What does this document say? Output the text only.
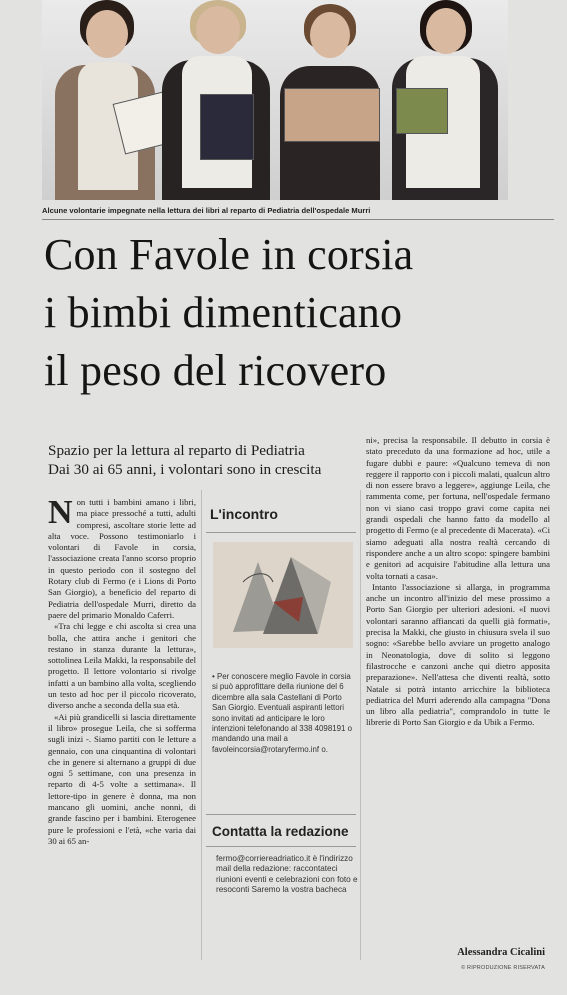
Alcune volontarie impegnate nella lettura dei libri al reparto di Pediatria dell'ospedale Murri
Con Favole in corsia
i bimbi dimenticano
il peso del ricovero
Spazio per la lettura al reparto di Pediatria
Dai 30 ai 65 anni, i volontari sono in crescita
N on tutti i bambini amano i libri, ma piace pressoché a tutti, adulti compresi, ascoltare storie lette ad alta voce. Possono testimoniarlo i volontari di Favole in corsia, l'associazione creata l'anno scorso proprio in questo periodo con il sostegno del Rotary club di Fermo (e i Lions di Porto San Giorgio), a beneficio del reparto di Pediatria dell'ospedale Murri, diretto da paere del primario Monaldo Caferri.

«Tra chi legge e chi ascolta si crea una bolla, che attira anche i genitori che restano in stanza durante la lettura», sottolinea Leila Makki, la responsabile del progetto. Il lettore volontario si rivolge infatti a un bambino alla volta, scegliendo un testo ad hoc per il piccolo ricoverato, diverso anche a seconda della sua età.

«Ai più grandicelli si lascia direttamente il libro» prosegue Leila, che si sofferma sugli inizi -. Siamo partiti con le letture a gennaio, con una cinquantina di volontari che in genere si alternano a gruppi di due ogni 5 settimane, con una presenza in reparto di 4-5 volte a settimana». Il lettore-tipo in genere è donna, ma non mancano gli uomini, anche nonni, di grande fascino per i bambini. Eterogenee pure le professioni e l'età, «che varia dai 30 ai 65 an-

L'incontro
• Per conoscere meglio Favole in corsia si può approfittare della riunione del 6 dicembre alla sala Castellani di Porto San Giorgio. Eventuali aspiranti lettori sono invitati ad anticipare le loro intenzioni telefonando al 338 4098191 o mandando una mail a favoleincorsia@rotaryfermo.inf o.
Contatta la redazione
fermo@corriereadriatico.it è l'indirizzo mail della redazione: raccontateci riunioni eventi e celebrazioni con foto e resoconti Saremo la vostra bacheca

ni», precisa la responsabile. Il debutto in corsia è stato preceduto da una formazione ad hoc, utile a fugare dubbi e paure: «Qualcuno temeva di non reggere il rapporto con i piccoli malati, qualcun altro di non essere bravo a leggere», aggiunge Leila, che rammenta come, per fortuna, nell'ospedale fermano non vi siano casi troppo gravi come capita nei grandi ospedali che hanno fatto da modello al progetto di Fermo (e al precedente di Macerata). «Ci siamo adeguati alla nostra realtà cercando di rispondere anche a un altro scopo: spingere bambini e genitori ad acquisire l'abitudine alla lettura una volta tornati a casa».

Intanto l'associazione si allarga, in programma anche un incontro all'inizio del mese prossimo a Porto San Giorgio per ulteriori adesioni. «I nuovi volontari saranno affiancati da quelli già formati», precisa la Makki, che giusto in chiusura svela il suo sogno: «Sarebbe bello avviare un progetto analogo in Neonatologia, dove di solito si leggono filastrocche e canzoni anche qui dietro apposita preparazione». Nell'attesa che diventi realtà, sotto Natale si potrà intanto arricchire la biblioteca pediatrica del Murri aderendo alla campagna "Dona un libro alla pediatria", comprandolo in tutte le librerie di Porto San Giorgio e da Ubik a Fermo.

Alessandra Cicalini
© RIPRODUZIONE RISERVATA
